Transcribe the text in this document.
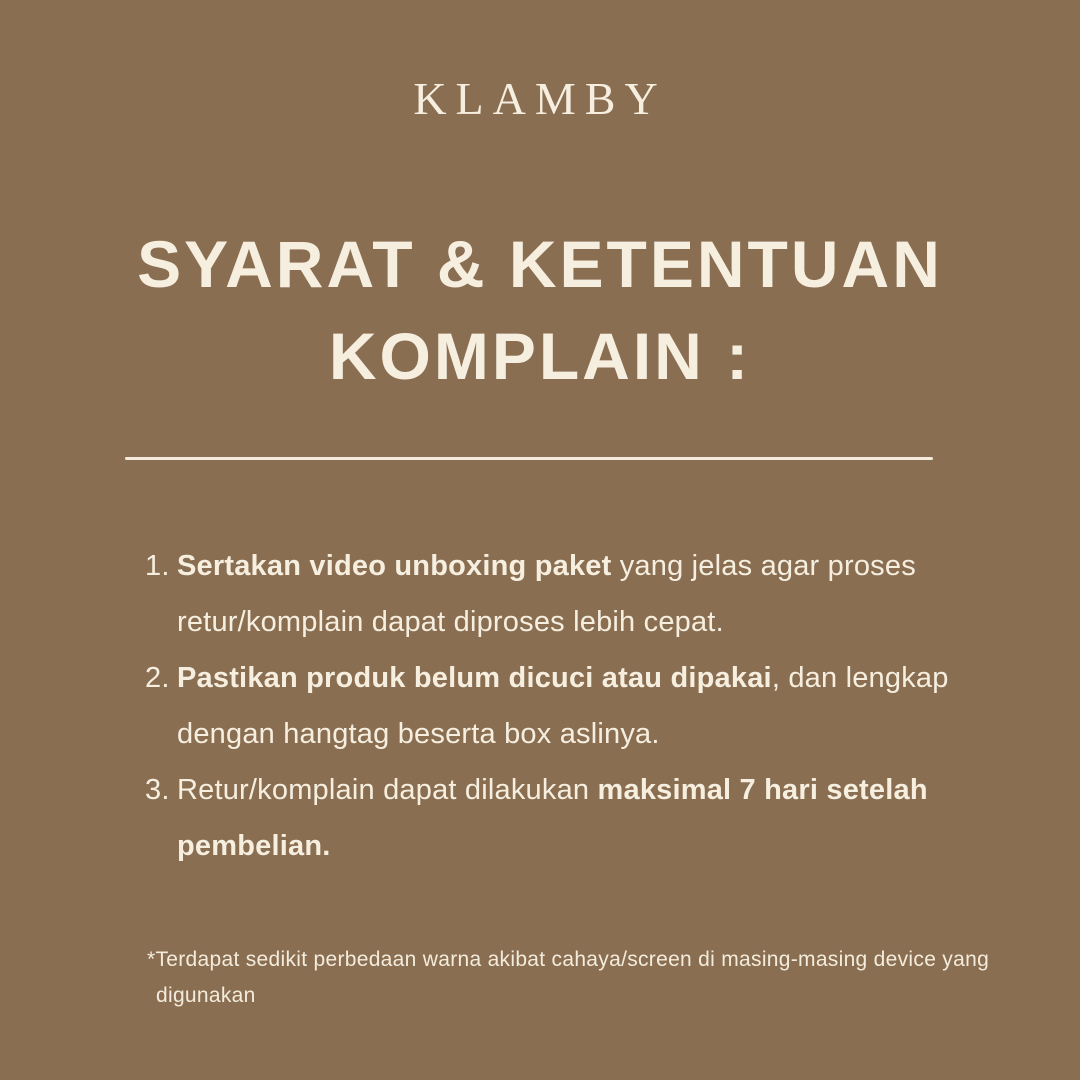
KLAMBY
SYARAT & KETENTUAN
KOMPLAIN :
1. Sertakan video unboxing paket yang jelas agar proses
retur/komplain dapat diproses lebih cepat.
2. Pastikan produk belum dicuci atau dipakai, dan lengkap
dengan hangtag beserta box aslinya.
3. Retur/komplain dapat dilakukan maksimal 7 hari setelah
pembelian.
*Terdapat sedikit perbedaan warna akibat cahaya/screen di masing-masing device yang
digunakan
